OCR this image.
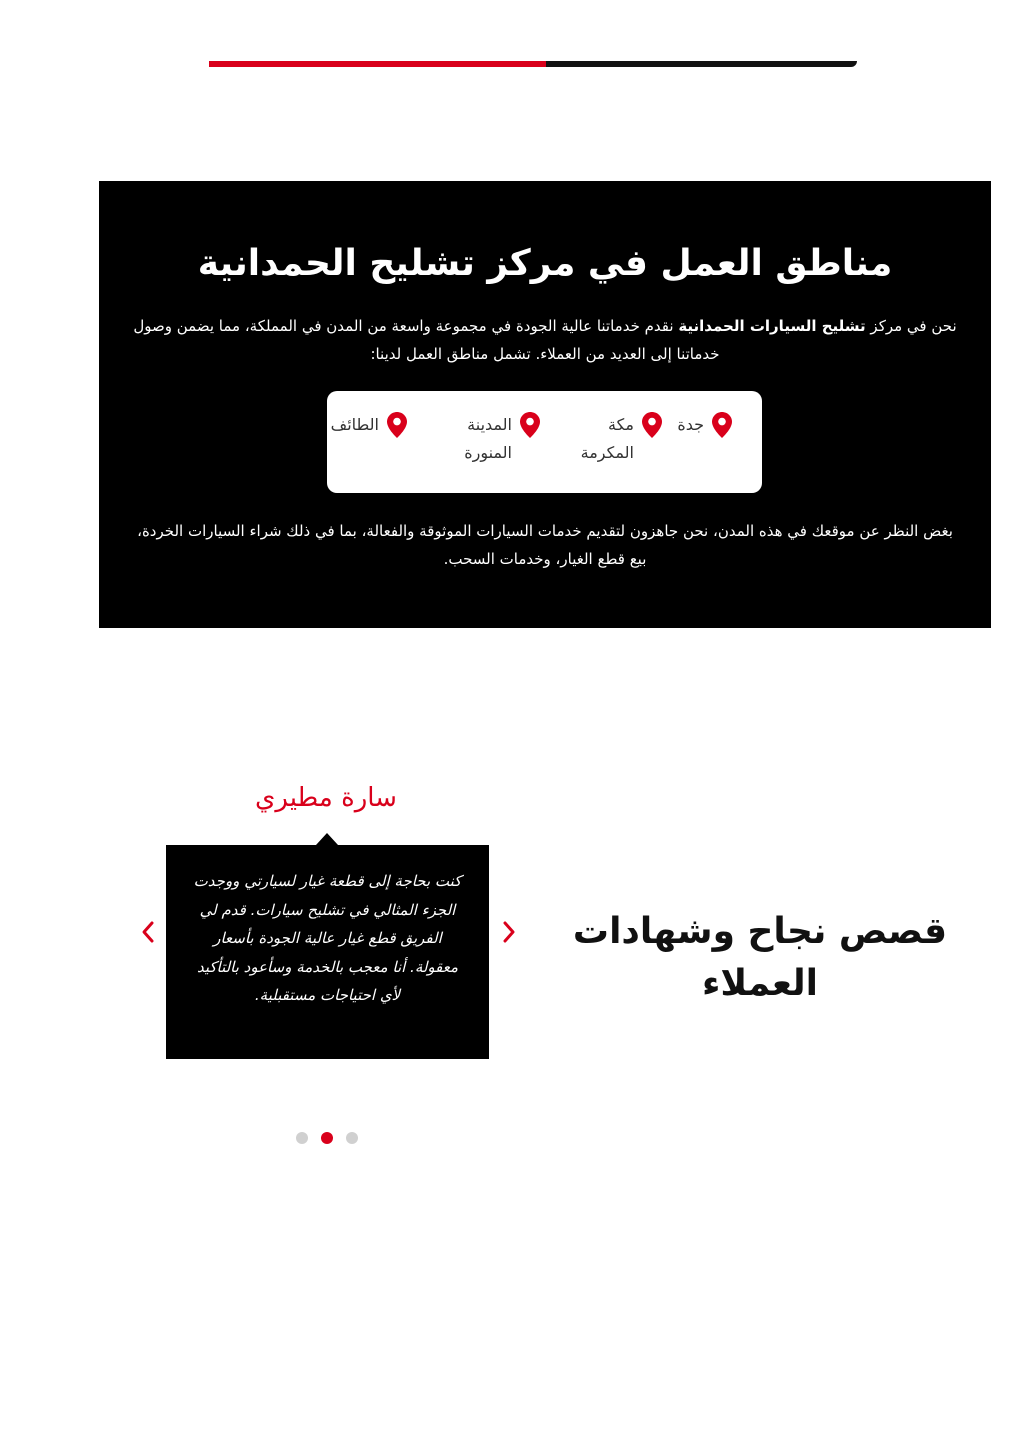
مناطق العمل في مركز تشليح الحمدانية

نحن في مركز تشليح السيارات الحمدانية نقدم خدماتنا عالية الجودة في مجموعة واسعة من المدن في المملكة، مما يضمن وصول خدماتنا إلى العديد من العملاء. تشمل مناطق العمل لدينا:

جدة
مكة
المكرمة
المدينة
المنورة
الطائف

بغض النظر عن موقعك في هذه المدن، نحن جاهزون لتقديم خدمات السيارات الموثوقة والفعالة، بما في ذلك شراء السيارات الخردة، بيع قطع الغيار، وخدمات السحب.

سارة مطيري

كنت بحاجة إلى قطعة غيار لسيارتي ووجدت الجزء المثالي في تشليح سيارات. قدم لي الفريق قطع غيار عالية الجودة بأسعار معقولة. أنا معجب بالخدمة وسأعود بالتأكيد لأي احتياجات مستقبلية.

قصص نجاح وشهادات
العملاء
